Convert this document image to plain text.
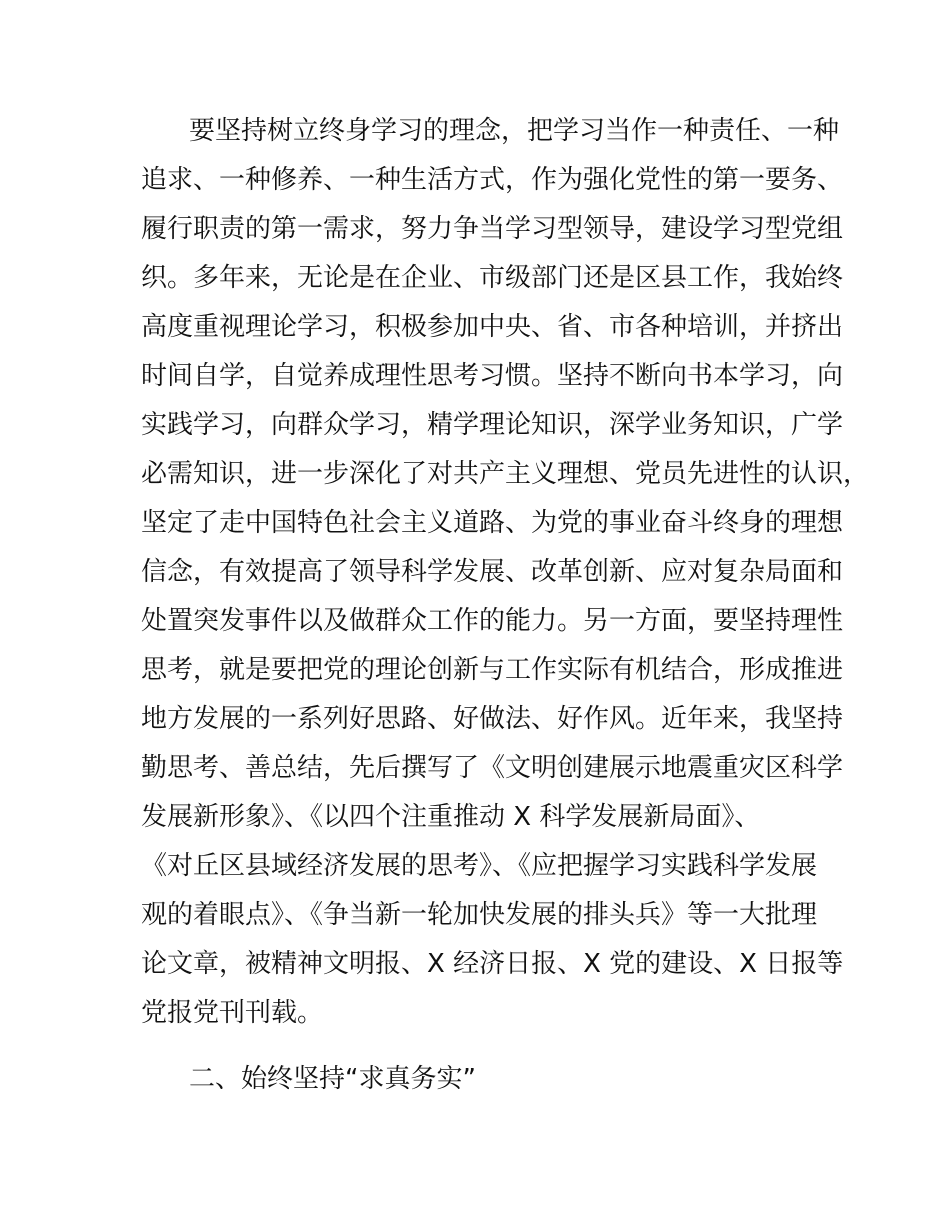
要坚持树立终身学习的理念，把学习当作一种责任、一种
追求、一种修养、一种生活方式，作为强化党性的第一要务、
履行职责的第一需求，努力争当学习型领导，建设学习型党组
织。多年来，无论是在企业、市级部门还是区县工作，我始终
高度重视理论学习，积极参加中央、省、市各种培训，并挤出
时间自学，自觉养成理性思考习惯。坚持不断向书本学习，向
实践学习，向群众学习，精学理论知识，深学业务知识，广学
必需知识，进一步深化了对共产主义理想、党员先进性的认识，
坚定了走中国特色社会主义道路、为党的事业奋斗终身的理想
信念，有效提高了领导科学发展、改革创新、应对复杂局面和
处置突发事件以及做群众工作的能力。另一方面，要坚持理性
思考，就是要把党的理论创新与工作实际有机结合，形成推进
地方发展的一系列好思路、好做法、好作风。近年来，我坚持
勤思考、善总结，先后撰写了《文明创建展示地震重灾区科学
发展新形象》、《以四个注重推动 X 科学发展新局面》、
《对丘区县域经济发展的思考》、《应把握学习实践科学发展
观的着眼点》、《争当新一轮加快发展的排头兵》等一大批理
论文章，被精神文明报、X 经济日报、X 党的建设、X 日报等
党报党刊刊载。
二、始终坚持“求真务实”
